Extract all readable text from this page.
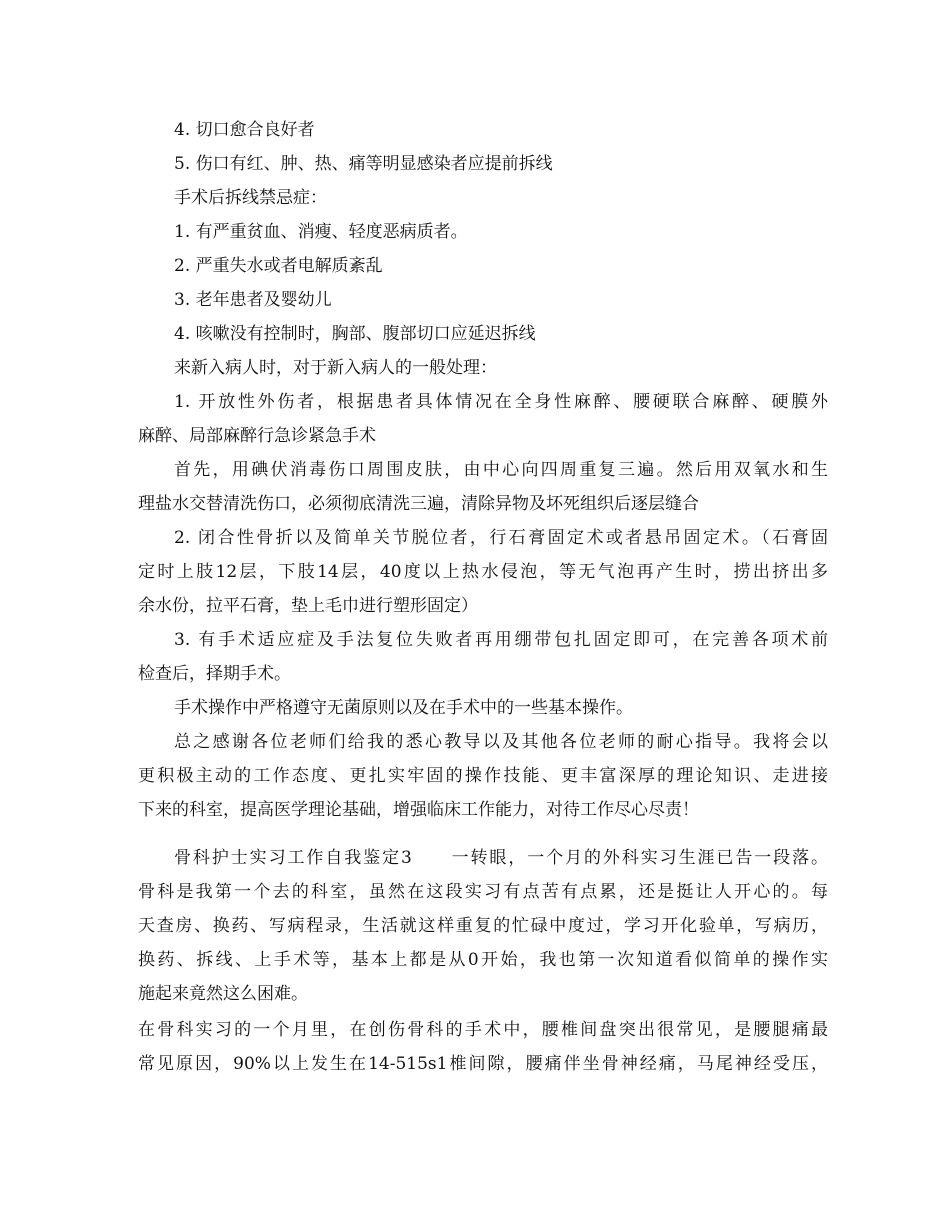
4. 切口愈合良好者
5. 伤口有红、肿、热、痛等明显感染者应提前拆线
手术后拆线禁忌症：
1. 有严重贫血、消瘦、轻度恶病质者。
2. 严重失水或者电解质紊乱
3. 老年患者及婴幼儿
4. 咳嗽没有控制时，胸部、腹部切口应延迟拆线
来新入病人时，对于新入病人的一般处理：
1. 开放性外伤者，根据患者具体情况在全身性麻醉、腰硬联合麻醉、硬膜外
麻醉、局部麻醉行急诊紧急手术
首先，用碘伏消毒伤口周围皮肤，由中心向四周重复三遍。然后用双氧水和生
理盐水交替清洗伤口，必须彻底清洗三遍，清除异物及坏死组织后逐层缝合
2. 闭合性骨折以及简单关节脱位者，行石膏固定术或者悬吊固定术。（石膏固
定时上肢12层，下肢14层，40度以上热水侵泡，等无气泡再产生时，捞出挤出多
余水份，拉平石膏，垫上毛巾进行塑形固定）
3. 有手术适应症及手法复位失败者再用绷带包扎固定即可，在完善各项术前
检查后，择期手术。
手术操作中严格遵守无菌原则以及在手术中的一些基本操作。
总之感谢各位老师们给我的悉心教导以及其他各位老师的耐心指导。我将会以
更积极主动的工作态度、更扎实牢固的操作技能、更丰富深厚的理论知识、走进接
下来的科室，提高医学理论基础，增强临床工作能力，对待工作尽心尽责！
骨科护士实习工作自我鉴定3　　一转眼，一个月的外科实习生涯已告一段落。
骨科是我第一个去的科室，虽然在这段实习有点苦有点累，还是挺让人开心的。每
天查房、换药、写病程录，生活就这样重复的忙碌中度过，学习开化验单，写病历，
换药、拆线、上手术等，基本上都是从0开始，我也第一次知道看似简单的操作实
施起来竟然这么困难。
在骨科实习的一个月里，在创伤骨科的手术中，腰椎间盘突出很常见，是腰腿痛最
常见原因，90%以上发生在14-515s1椎间隙，腰痛伴坐骨神经痛，马尾神经受压，
